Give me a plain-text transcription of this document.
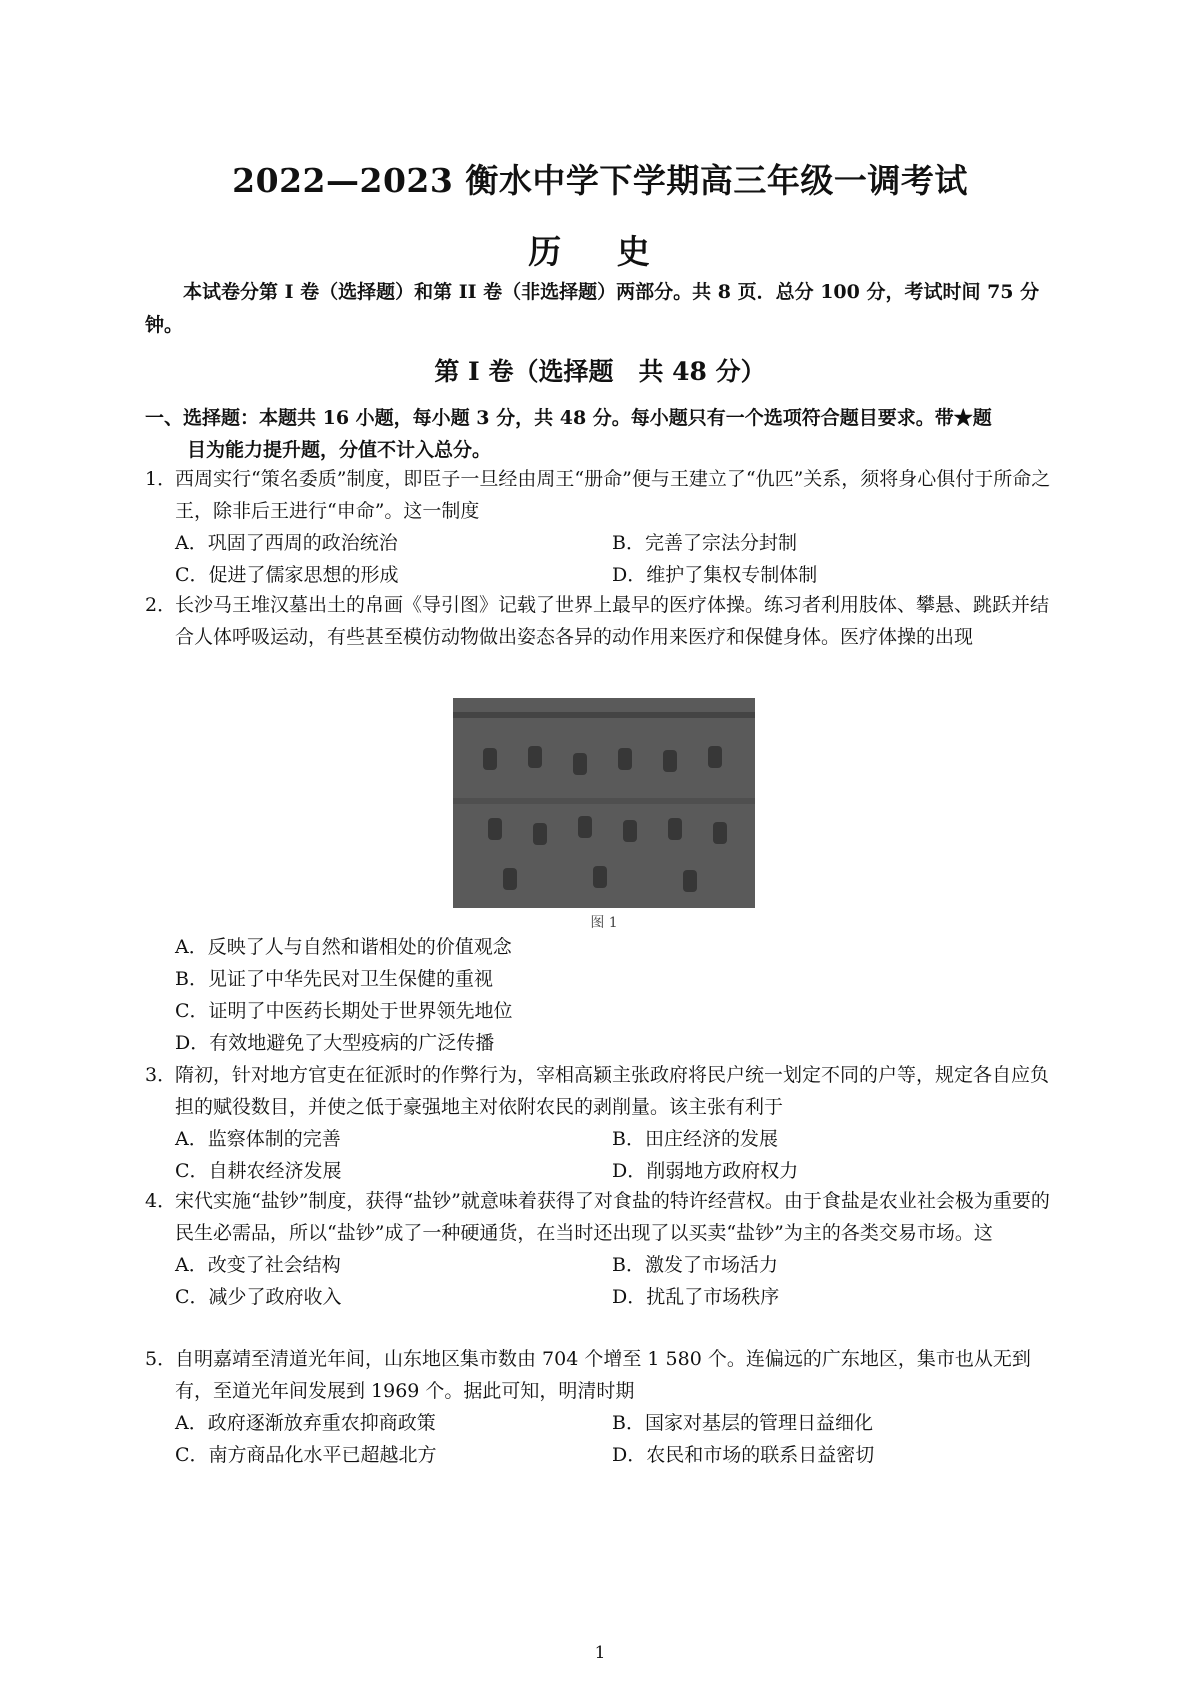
2022—2023 衡水中学下学期高三年级一调考试
历 史
本试卷分第 I 卷（选择题）和第 II 卷（非选择题）两部分。共 8 页．总分 100 分，考试时间 75 分钟。
第 I 卷（选择题　共 48 分）
一、选择题：本题共 16 小题，每小题 3 分，共 48 分。每小题只有一个选项符合题目要求。带★题
目为能力提升题，分值不计入总分。
1．
西周实行“策名委质”制度，即臣子一旦经由周王“册命”便与王建立了“仇匹”关系，须将身心俱付于所命之王，除非后王进行“申命”。这一制度
A．巩固了西周的政治统治	B．完善了宗法分封制
C．促进了儒家思想的形成	D．维护了集权专制体制
2．
长沙马王堆汉墓出土的帛画《导引图》记载了世界上最早的医疗体操。练习者利用肢体、攀悬、跳跃并结合人体呼吸运动，有些甚至模仿动物做出姿态各异的动作用来医疗和保健身体。医疗体操的出现
图 1
A．反映了人与自然和谐相处的价值观念
B．见证了中华先民对卫生保健的重视
C．证明了中医药长期处于世界领先地位
D．有效地避免了大型疫病的广泛传播
3．
隋初，针对地方官吏在征派时的作弊行为，宰相高颖主张政府将民户统一划定不同的户等，规定各自应负担的赋役数目，并使之低于豪强地主对依附农民的剥削量。该主张有利于
A．监察体制的完善	B．田庄经济的发展
C．自耕农经济发展	D．削弱地方政府权力
4．
宋代实施“盐钞”制度，获得“盐钞”就意味着获得了对食盐的特许经营权。由于食盐是农业社会极为重要的民生必需品，所以“盐钞”成了一种硬通货，在当时还出现了以买卖“盐钞”为主的各类交易市场。这
A．改变了社会结构	B．激发了市场活力
C．减少了政府收入	D．扰乱了市场秩序
5．
自明嘉靖至清道光年间，山东地区集市数由 704 个增至 1 580 个。连偏远的广东地区，集市也从无到有，至道光年间发展到 1969 个。据此可知，明清时期
A．政府逐渐放弃重农抑商政策	B．国家对基层的管理日益细化
C．南方商品化水平已超越北方	D．农民和市场的联系日益密切
1
